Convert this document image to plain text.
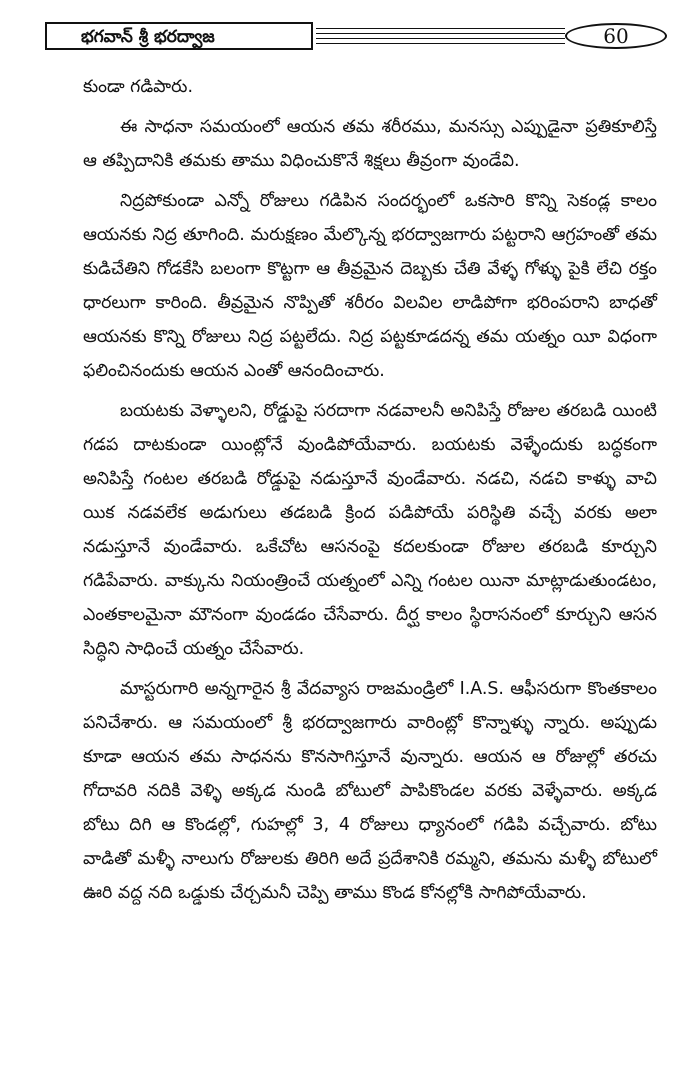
భగవాన్ శ్రీ భరద్వాజ	60

కుండా గడిపారు.

ఈ సాధనా సమయంలో ఆయన తమ శరీరము, మనస్సు ఎప్పుడైనా ప్రతికూలిస్తే ఆ తప్పిదానికి తమకు తాము విధించుకొనే శిక్షలు తీవ్రంగా వుండేవి.

నిద్రపోకుండా ఎన్నో రోజులు గడిపిన సందర్భంలో ఒకసారి కొన్ని సెకండ్ల కాలం ఆయనకు నిద్ర తూగింది. మరుక్షణం మేల్కొన్న భరద్వాజగారు పట్టరాని ఆగ్రహంతో తమ కుడిచేతిని గోడకేసి బలంగా కొట్టగా ఆ తీవ్రమైన దెబ్బకు చేతి వేళ్ళ గోళ్ళు పైకి లేచి రక్తం ధారలుగా కారింది. తీవ్రమైన నొప్పితో శరీరం విలవిల లాడిపోగా భరింపరాని బాధతో ఆయనకు కొన్ని రోజులు నిద్ర పట్టలేదు. నిద్ర పట్టకూడదన్న తమ యత్నం యీ విధంగా ఫలించినందుకు ఆయన ఎంతో ఆనందించారు.

బయటకు వెళ్ళాలని, రోడ్డుపై సరదాగా నడవాలనీ అనిపిస్తే రోజుల తరబడి యింటి గడప దాటకుండా యింట్లోనే వుండిపోయేవారు. బయటకు వెళ్ళేందుకు బద్ధకంగా అనిపిస్తే గంటల తరబడి రోడ్డుపై నడుస్తూనే వుండేవారు. నడచి, నడచి కాళ్ళు వాచి యిక నడవలేక అడుగులు తడబడి క్రింద పడిపోయే పరిస్థితి వచ్చే వరకు అలా నడుస్తూనే వుండేవారు. ఒకేచోట ఆసనంపై కదలకుండా రోజుల తరబడి కూర్చుని గడిపేవారు. వాక్కును నియంత్రించే యత్నంలో ఎన్ని గంటల యినా మాట్లాడుతుండటం, ఎంతకాలమైనా మౌనంగా వుండడం చేసేవారు. దీర్ఘ కాలం స్థిరాసనంలో కూర్చుని ఆసన సిద్ధిని సాధించే యత్నం చేసేవారు.

మాస్టరుగారి అన్నగారైన శ్రీ వేదవ్యాస రాజమండ్రిలో I.A.S. ఆఫీసరుగా కొంతకాలం పనిచేశారు. ఆ సమయంలో శ్రీ భరద్వాజగారు వారింట్లో కొన్నాళ్ళు న్నారు. అప్పుడు కూడా ఆయన తమ సాధనను కొనసాగిస్తూనే వున్నారు. ఆయన ఆ రోజుల్లో తరచు గోదావరి నదికి వెళ్ళి అక్కడ నుండి బోటులో పాపికొండల వరకు వెళ్ళేవారు. అక్కడ బోటు దిగి ఆ కొండల్లో, గుహల్లో 3, 4 రోజులు ధ్యానంలో గడిపి వచ్చేవారు. బోటు వాడితో మళ్ళీ నాలుగు రోజులకు తిరిగి అదే ప్రదేశానికి రమ్మని, తమను మళ్ళీ బోటులో ఊరి వద్ద నది ఒడ్డుకు చేర్చమనీ చెప్పి తాము కొండ కోనల్లోకి సాగిపోయేవారు.
